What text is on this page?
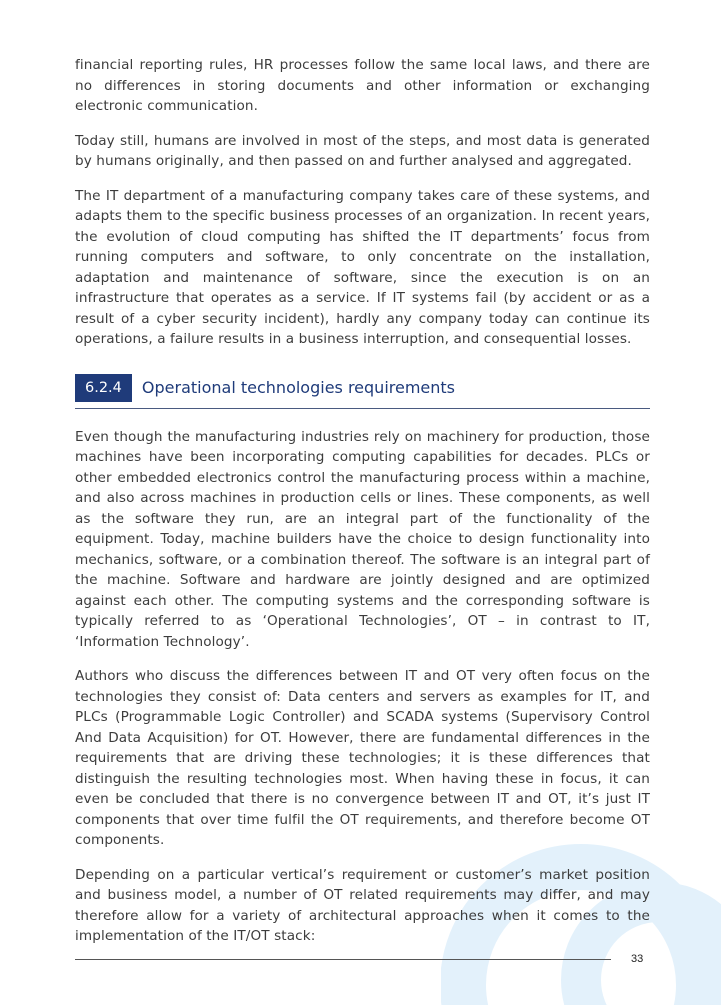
financial reporting rules, HR processes follow the same local laws, and there are no differences in storing documents and other information or exchanging electronic communication.

Today still, humans are involved in most of the steps, and most data is generated by humans originally, and then passed on and further analysed and aggregated.

The IT department of a manufacturing company takes care of these systems, and adapts them to the specific business processes of an organization. In recent years, the evolution of cloud computing has shifted the IT departments’ focus from running computers and software, to only concentrate on the installation, adaptation and maintenance of software, since the execution is on an infrastructure that operates as a service. If IT systems fail (by accident or as a result of a cyber security incident), hardly any company today can continue its operations, a failure results in a business interruption, and consequential losses.

6.2.4	Operational technologies requirements

Even though the manufacturing industries rely on machinery for production, those machines have been incorporating computing capabilities for decades. PLCs or other embedded electronics control the manufacturing process within a machine, and also across machines in production cells or lines. These components, as well as the software they run, are an integral part of the functionality of the equipment. Today, machine builders have the choice to design functionality into mechanics, software, or a combination thereof. The software is an integral part of the machine. Software and hardware are jointly designed and are optimized against each other. The computing systems and the corresponding software is typically referred to as ‘Operational Technologies’, OT – in contrast to IT, ‘Information Technology’.

Authors who discuss the differences between IT and OT very often focus on the technologies they consist of: Data centers and servers as examples for IT, and PLCs (Programmable Logic Controller) and SCADA systems (Supervisory Control And Data Acquisition) for OT. However, there are fundamental differences in the requirements that are driving these technologies; it is these differences that distinguish the resulting technologies most. When having these in focus, it can even be concluded that there is no convergence between IT and OT, it’s just IT components that over time fulfil the OT requirements, and therefore become OT components.

Depending on a particular vertical’s requirement or customer’s market position and business model, a number of OT related requirements may differ, and may therefore allow for a variety of architectural approaches when it comes to the implementation of the IT/OT stack:

33
